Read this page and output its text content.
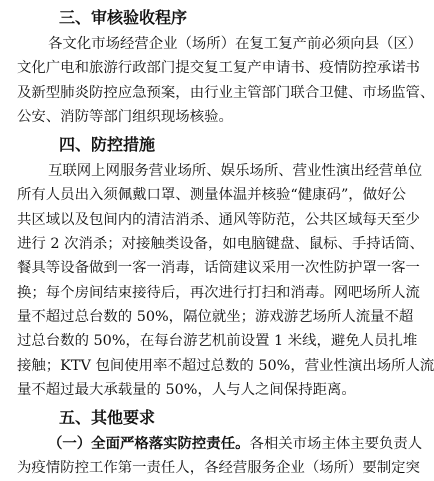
三、审核验收程序
各文化市场经营企业（场所）在复工复产前必须向县（区）
文化广电和旅游行政部门提交复工复产申请书、疫情防控承诺书
及新型肺炎防控应急预案，由行业主管部门联合卫健、市场监管、
公安、消防等部门组织现场核验。
四、防控措施
互联网上网服务营业场所、娱乐场所、营业性演出经营单位
所有人员出入须佩戴口罩、测量体温并核验“健康码”，做好公
共区域以及包间内的清洁消杀、通风等防范，公共区域每天至少
进行 2 次消杀；对接触类设备，如电脑键盘、鼠标、手持话筒、
餐具等设备做到一客一消毒，话筒建议采用一次性防护罩一客一
换；每个房间结束接待后，再次进行打扫和消毒。网吧场所人流
量不超过总台数的 50%，隔位就坐；游戏游艺场所人流量不超
过总台数的 50%，在每台游艺机前设置 1 米线，避免人员扎堆
接触；KTV 包间使用率不超过总数的 50%，营业性演出场所人流
量不超过最大承载量的 50%，人与人之间保持距离。
五、其他要求
（一）全面严格落实防控责任。各相关市场主体主要负责人
为疫情防控工作第一责任人，各经营服务企业（场所）要制定突
